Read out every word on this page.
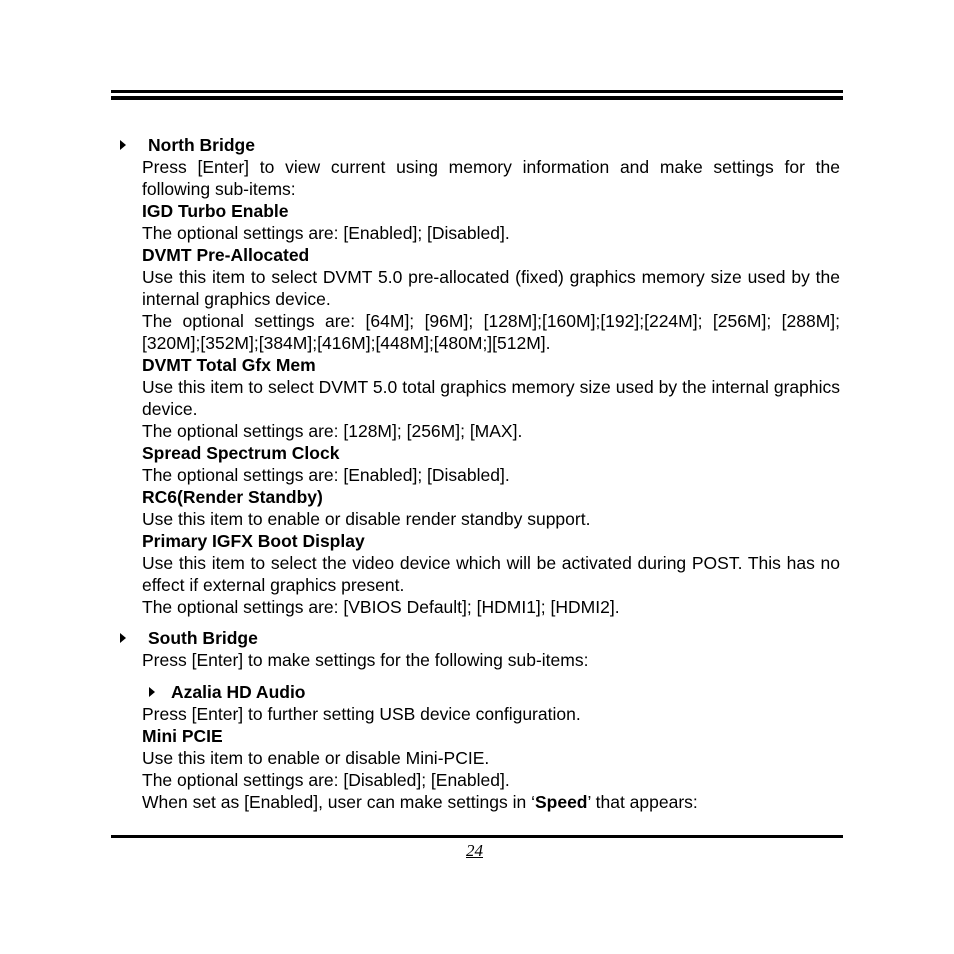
North Bridge

Press [Enter] to view current using memory information and make settings for the following sub-items:

IGD Turbo Enable

The optional settings are: [Enabled]; [Disabled].

DVMT Pre-Allocated

Use this item to select DVMT 5.0 pre-allocated (fixed) graphics memory size used by the internal graphics device.

The optional settings are: [64M]; [96M]; [128M];[160M];[192];[224M]; [256M]; [288M];[320M];[352M];[384M];[416M];[448M];[480M;][512M].

DVMT Total Gfx Mem

Use this item to select DVMT 5.0 total graphics memory size used by the internal graphics device.

The optional settings are: [128M]; [256M]; [MAX].

Spread Spectrum Clock

The optional settings are: [Enabled]; [Disabled].

RC6(Render Standby)

Use this item to enable or disable render standby support.

Primary IGFX Boot Display

Use this item to select the video device which will be activated during POST. This has no effect if external graphics present.

The optional settings are: [VBIOS Default]; [HDMI1]; [HDMI2].

South Bridge

Press [Enter] to make settings for the following sub-items:

Azalia HD Audio

Press [Enter] to further setting USB device configuration.

Mini PCIE

Use this item to enable or disable Mini-PCIE.

The optional settings are: [Disabled]; [Enabled].

When set as [Enabled], user can make settings in ‘Speed’ that appears:

24
